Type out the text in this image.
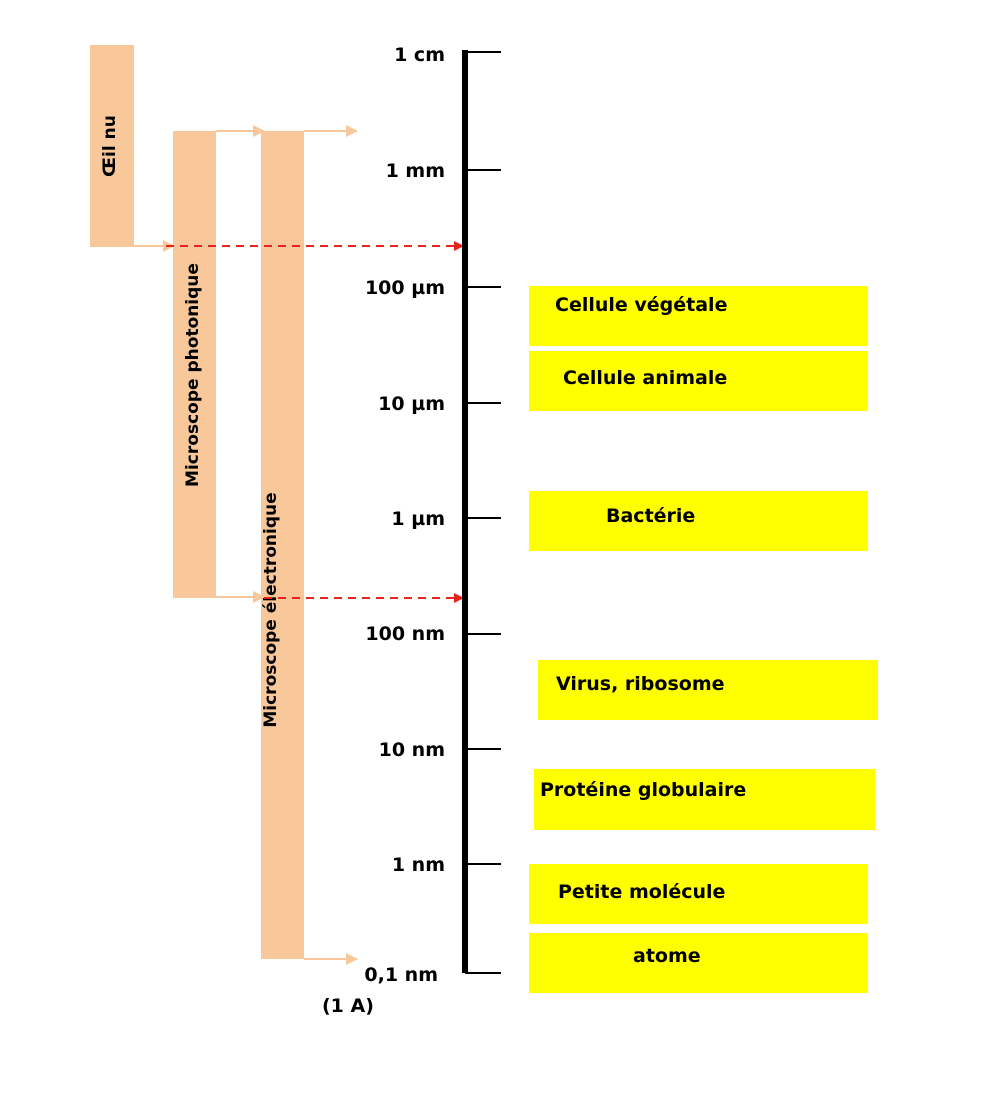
Œil nu
Microscope photonique
Microscope électronique
1 cm
1 mm
100 µm
10 µm
1 µm
100 nm
10 nm
1 nm
0,1 nm
(1 A)
Cellule végétale
Cellule animale
Bactérie
Virus, ribosome
Protéine globulaire
Petite molécule
atome
